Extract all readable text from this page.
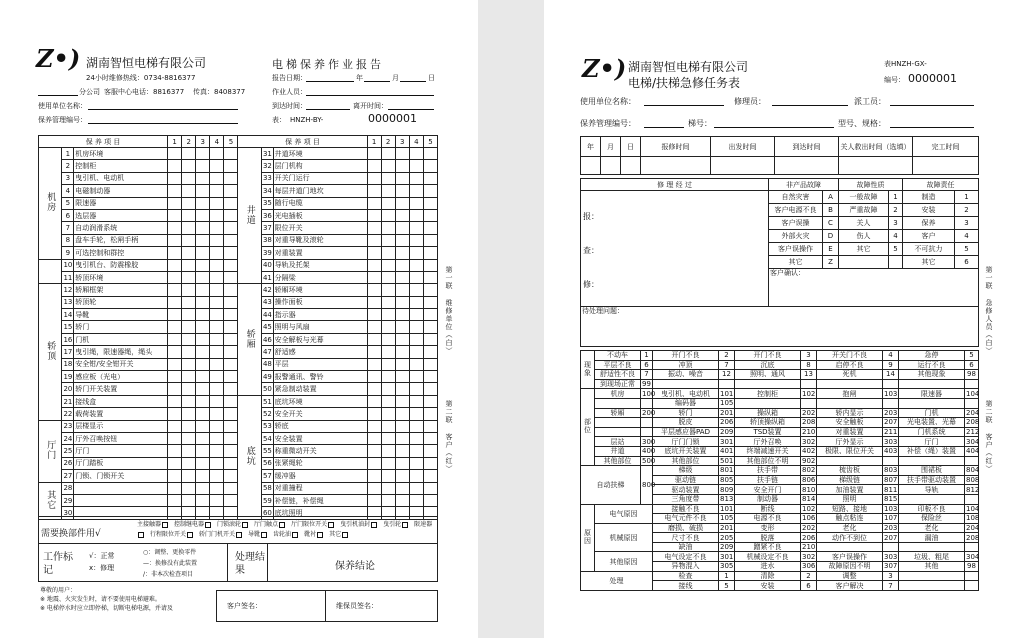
Z•) 湖南智恒电梯有限公司
24小时维修热线：0734-8816377
分公司 客服中心电话：8816377 传真：8408377
电梯保养作业报告
报告日期：	年	月	日
作业人员：
到达时间：	离开时间：
使用单位名称：
保养管理编号：	表： HNZH-BY-	0000001
保 养 项 目			1	2	3	4	5	保 养 项 目			1	2	3	4	5
机房	1	机房环境						井道	31	井道环境					
	2	控制柜							32	层门机构					
	3	曳引机、电动机							33	开关门运行					
	4	电磁制动器							34	每层井道门地坎					
	5	限速器							35	随行电缆					
	6	选层器							36	光电插板					
	7	自动润滑系统							37	限位开关					
	8	盘车手轮，松闸手柄							38	对重导靴及滚轮					
	9	可选控制和群控							39	对重装置					
	10	曳引机台、防震橡胶							40	导轨及托架					
	11	轿顶环境							41	分隔梁					
轿顶	12	轿厢框架						轿厢	42	轿厢环境					
	13	轿顶轮							43	操作面板					
	14	导靴							44	指示器					
	15	轿门							45	照明与风扇					
	16	门机							46	安全解板与光幕					
	17	曳引绳，限速器绳，绳头							47	舒适感					
	18	安全钳/安全钳开关							48	平层					
	19	感应板（光电）							49	报警通讯、警铃					
	20	轿门开关装置							50	紧急制动装置					
	21	接线盒						底坑	51	底坑环境					
	22	载荷装置							52	安全开关					
厅门	23	层楼显示							53	轿底					
	24	厅外召唤按钮							54	安全装置					
	25	厅门							55	称重微动开关					
	26	厅门踏板							56	张紧绳轮					
	27	门锁、门锁开关							57	缓冲器					
其它	28								58	对重撞程					
	29								59	补偿链，补偿绳					
	30								60	底坑照明					
需要换部件用√
主接触器 控制继电器 门锁滚轮 厅门触点 厅门限位开关 曳引机油封 曳引轮 限速器行程限位开关 轿门门机开关 导靴 齿轮油 靴衬 其它
工作标记
√：正常
x：修理
○：调整、更换零件
—：换修没有此装置
/：非本次检查项目
处理结果	保养结论
尊敬的用户：
※ 地震、火灾发生时，请不要使用电梯避难。
※ 电梯停水时应立即停梯，切断电梯电源，并请及	客户签名：	维保员签名：
第一联 维修单位（白）
第二联 客户（红）
Z•) 湖南智恒电梯有限公司
电梯/扶梯急修任务表
表HNZH-GX-
编号： 0000001
使用单位名称：	修理员：	派工员：
保养管理编号：	梯号：	型号、规格：
年	月	日	报修时间	出发时间	到达时间	关人救出时间（选填）	完工时间

修 理 经 过	非产品故障		故障性质		故障责任	

报：
查：
修：	自然灾害	A	一般故障	1	制造	1
	客户电源不良	B	严重故障	2	安装	2
	客户误操	C	关人	3	保养	3
	外部火灾	D	伤人	4	客户	4
	客户误操作	E	其它	5	不可抗力	5
	其它	Z			其它	6
	客户确认：					
待处理问题：						
现象	不动车	1	开门不良	2	开门不良	3	开关门不良	4	急停	5
	平层不良	6	冲顶	7	沉底	8	启停不良	9	运行不良	6
	舒适性不良	7	振动、噪音	12	照明、通风	13	死机	14	其他现象	98
	到现场正常	99								
部位	机房	100	曳引机、电动机	101	控制柜	102	抱闸	103	限速器	104
			编码器	105						
	轿厢	200	轿门	201	操纵箱	202	轿内显示	203	门机	204
			脱皮	206	轿顶操纵箱	208	安全触板	207	光电装置、光幕	208
			平层感应器PAD	209	TSD装置	210	对重装置	211	门机系统	212
	层站	300	厅门门锁	301	厅外召唤	302	厅外显示	303	厅门	304
	井道	400	底坑开关装置	401	终端减速开关	402	极限、限位开关	403	补偿（绳）装置	404
	其他部位	500	其他部位	501	其他部位不明	902				
自动扶梯		800	梯级	801	扶手带	802	梳齿板	803	围裙板	804
			驱动链	805	扶手链	806	梯级链	807	扶手带驱动装置	808
			驱动装置	809	安全开门	810	加油装置	811	导轨	812
			三角度带	813	制动器	814	照明	815		
原因	电气原因		接触不良	101	断线	102	短路、接地	103	印板不良	104
			电气元件不良	105	电源不良	106	触点粘连	107	保险丝	108
	机械原因		磨损、破损	201	变形	202	老化	203	老化	204
			尺寸不良	205	脱落	206	动作不到位	207	漏油	208
			缺油	209	蹭紧不良	210				
	其他原因		电气设定不良	301	机械设定不良	302	客户误操作	303	垃圾、粗尾	304
			异物混入	305	进水	306	故障原因不明	307	其他	98
处理			检查	1	清除	2	调整	3		
			接线	5	安装	6	客户解决	7		
第一联 急修人员（白）
第二联 客户（红）
